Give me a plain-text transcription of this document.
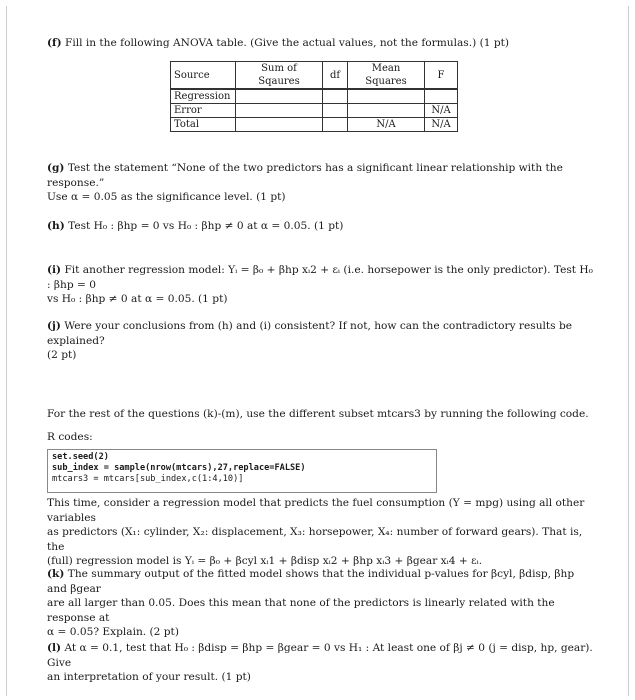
(f) Fill in the following ANOVA table. (Give the actual values, not the formulas.) (1 pt)
Source	Sum of Sqaures	df	Mean Squares	F
Regression				
Error				N/A
Total			N/A	N/A
(g) Test the statement “None of the two predictors has a significant linear relationship with the response.”
Use α = 0.05 as the significance level. (1 pt)
(h) Test H₀ : βhp = 0 vs H₀ : βhp ≠ 0 at α = 0.05. (1 pt)
(i) Fit another regression model: Yᵢ = β₀ + βhp xᵢ2 + εᵢ (i.e. horsepower is the only predictor). Test H₀ : βhp = 0
vs H₀ : βhp ≠ 0 at α = 0.05. (1 pt)
(j) Were your conclusions from (h) and (i) consistent? If not, how can the contradictory results be explained?
(2 pt)
For the rest of the questions (k)-(m), use the different subset mtcars3 by running the following code.
R codes:
set.seed(2)
sub_index = sample(nrow(mtcars),27,replace=FALSE)
mtcars3 = mtcars[sub_index,c(1:4,10)]
This time, consider a regression model that predicts the fuel consumption (Y = mpg) using all other variables
as predictors (X₁: cylinder, X₂: displacement, X₃: horsepower, X₄: number of forward gears). That is, the
(full) regression model is Yᵢ = β₀ + βcyl xᵢ1 + βdisp xᵢ2 + βhp xᵢ3 + βgear xᵢ4 + εᵢ.
(k) The summary output of the fitted model shows that the individual p-values for βcyl, βdisp, βhp and βgear
are all larger than 0.05. Does this mean that none of the predictors is linearly related with the response at
α = 0.05? Explain. (2 pt)
(l) At α = 0.1, test that H₀ : βdisp = βhp = βgear = 0 vs H₁ : At least one of βj ≠ 0 (j = disp, hp, gear). Give
an interpretation of your result. (1 pt)
